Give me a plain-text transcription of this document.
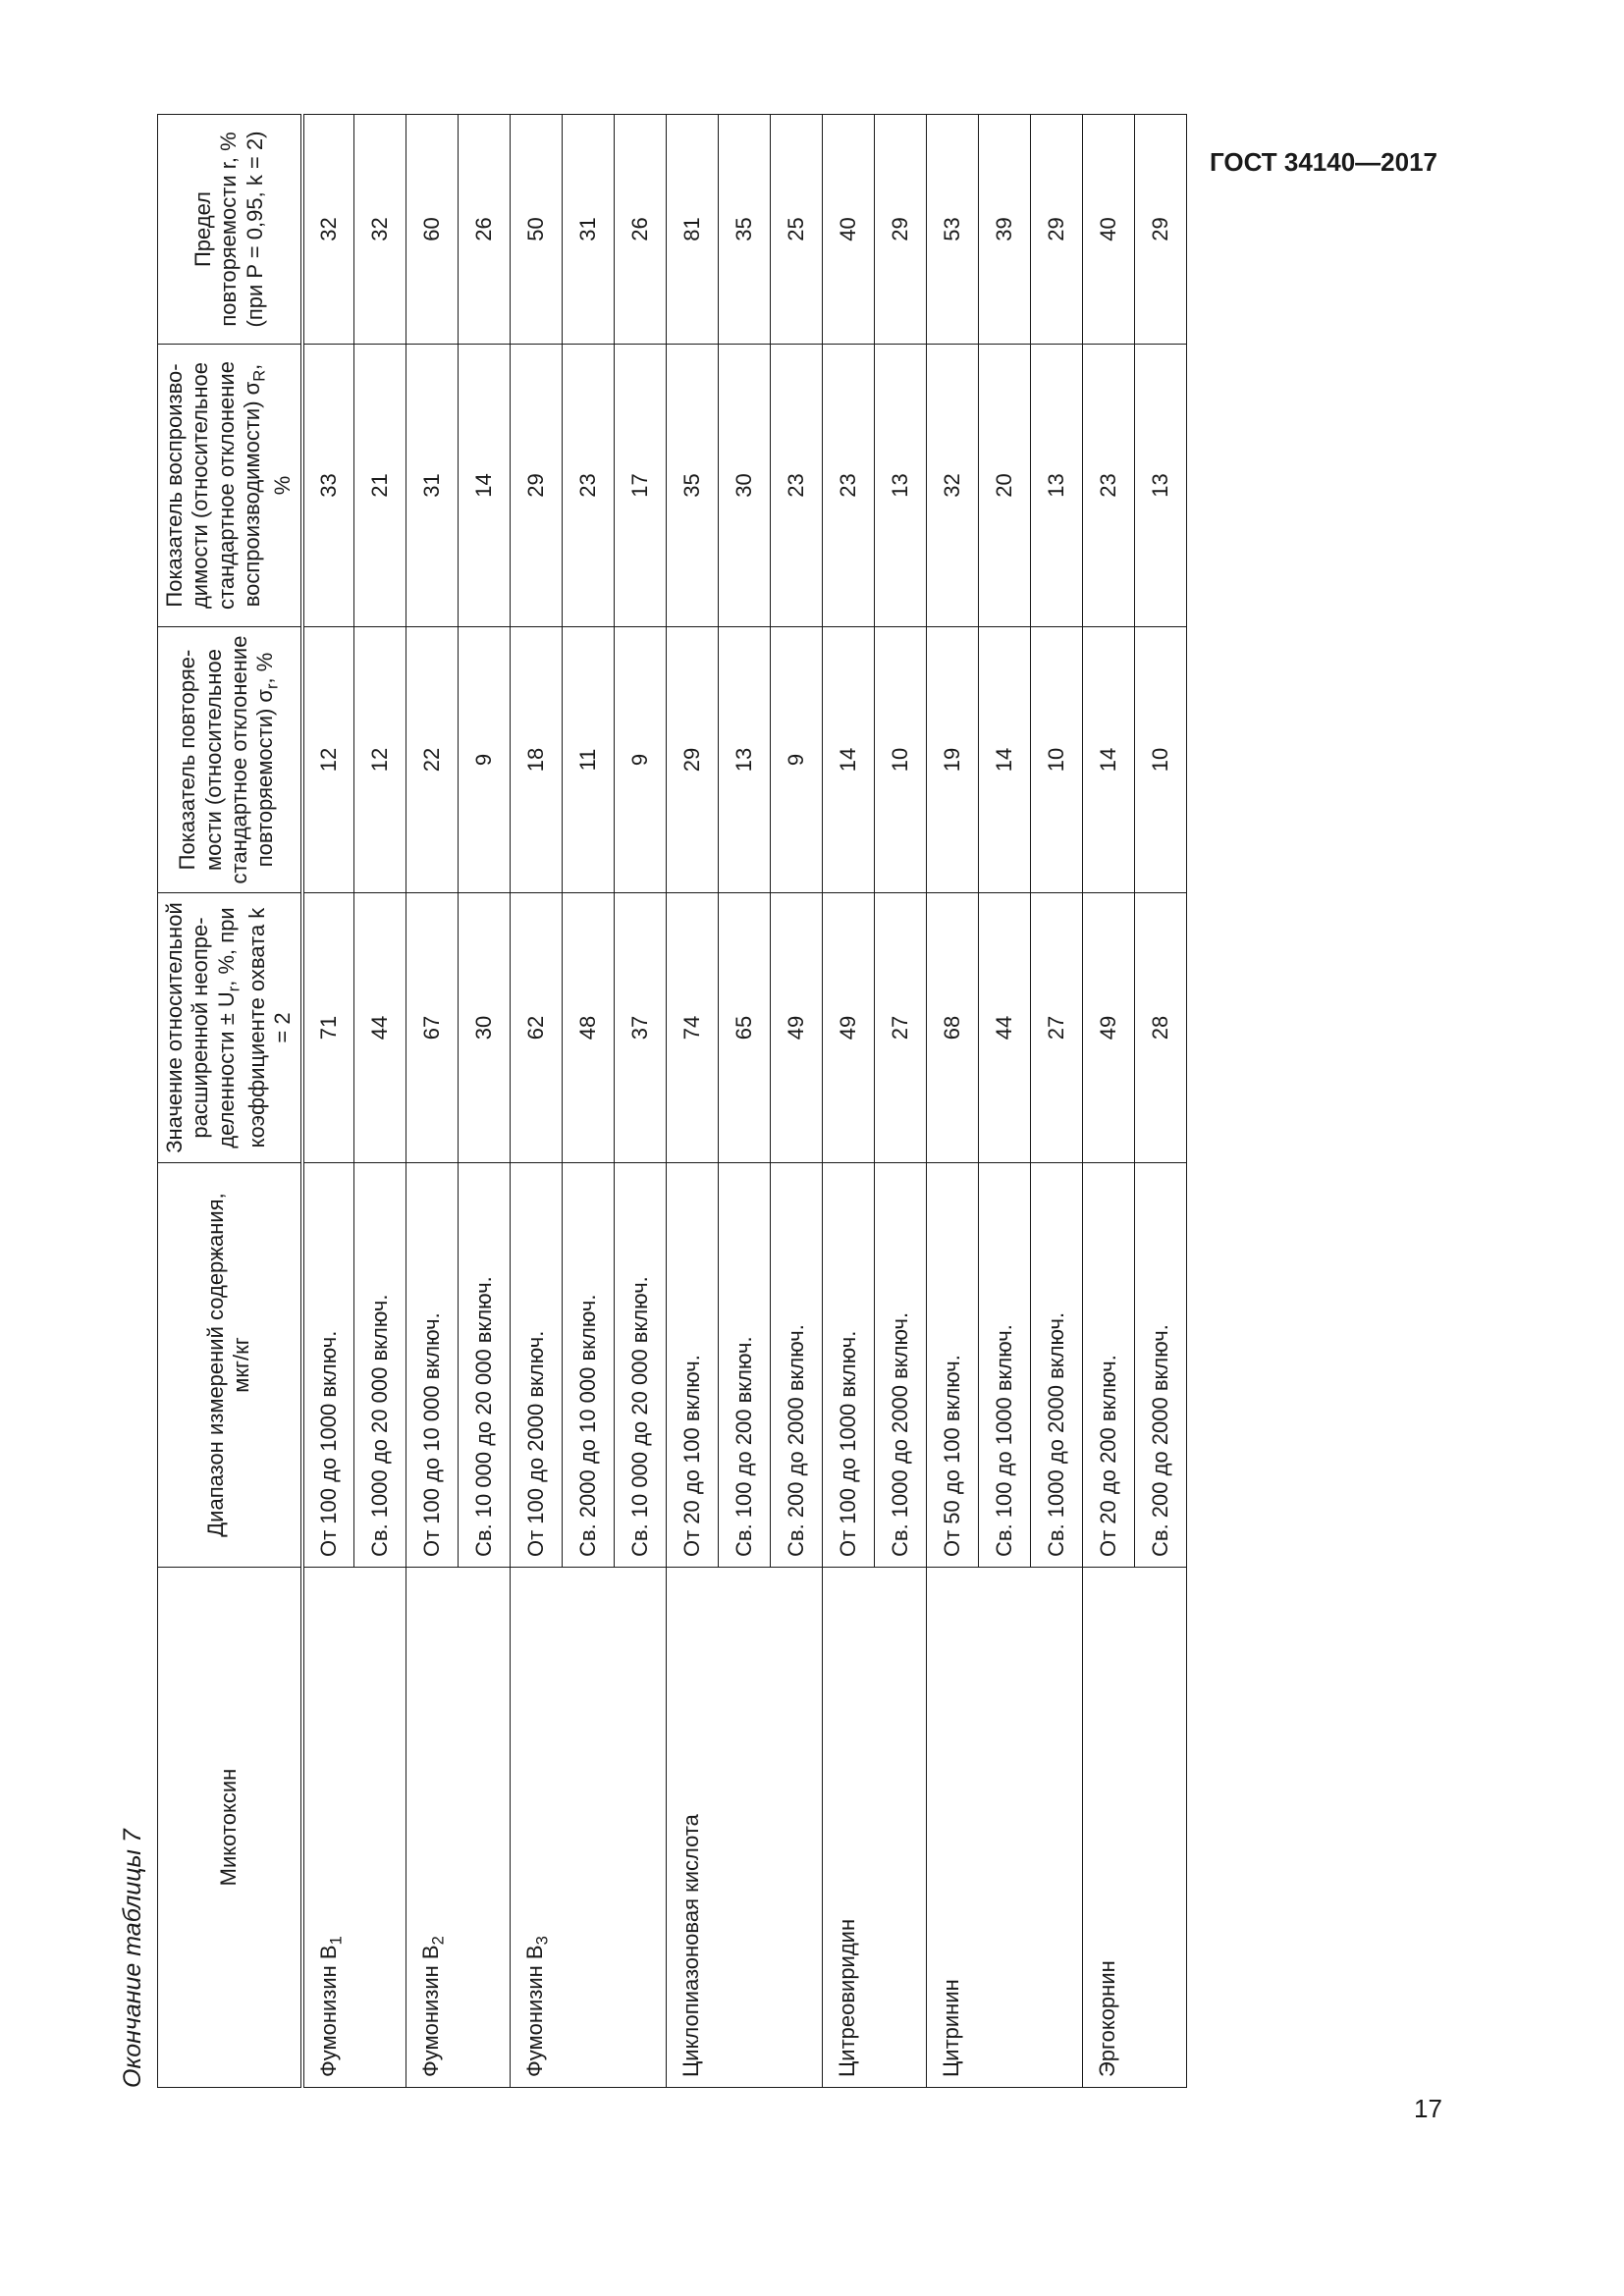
ГОСТ 34140—2017
17
Окончание таблицы 7
Микотоксин	Диапазон измерений содержания, мкг/кг	Значение относительной расширенной неопре- деленности ± $U_r$, %, при коэффициенте охвата k = 2	Показатель повторяе- мости (относительное стандартное отклонение повторяемости) $\sigma_r$, %	Показатель воспроизво- димости (относительное стандартное отклонение воспроизводимости) $\sigma_R$, %	Предел повторяемости r, % (при P = 0,95, k = 2)
Фумонизин $B_1$	От 100 до 1000 включ.	71	12	33	32
	Св. 1000 до 20 000 включ.	44	12	21	32
Фумонизин $B_2$	От 100 до 10 000 включ.	67	22	31	60
	Св. 10 000 до 20 000 включ.	30	9	14	26
Фумонизин $B_3$	От 100 до 2000 включ.	62	18	29	50
	Св. 2000 до 10 000 включ.	48	11	23	31
	Св. 10 000 до 20 000 включ.	37	9	17	26
Циклопиазоновая кислота	От 20 до 100 включ.	74	29	35	81
	Св. 100 до 200 включ.	65	13	30	35
	Св. 200 до 2000 включ.	49	9	23	25
Цитреовиридин	От 100 до 1000 включ.	49	14	23	40
	Св. 1000 до 2000 включ.	27	10	13	29
Цитринин	От 50 до 100 включ.	68	19	32	53
	Св. 100 до 1000 включ.	44	14	20	39
	Св. 1000 до 2000 включ.	27	10	13	29
Эргокорнин	От 20 до 200 включ.	49	14	23	40
	Св. 200 до 2000 включ.	28	10	13	29
